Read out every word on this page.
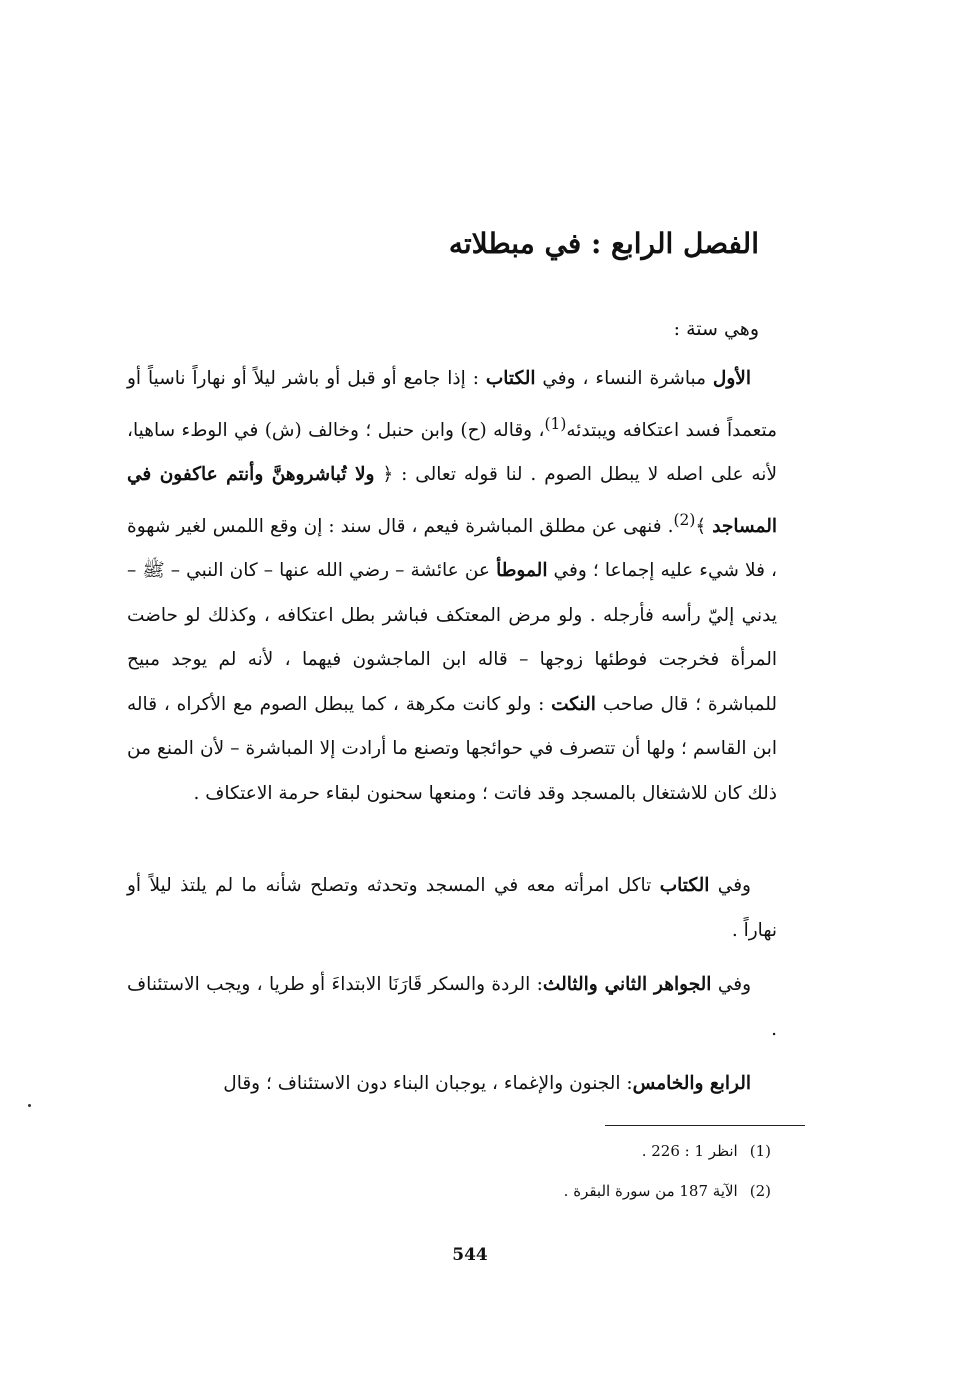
الفصل الرابع : في مبطلاته

وهي ستة :

الأول مباشرة النساء ، وفي الكتاب : إذا جامع أو قبل أو باشر ليلاً أو نهاراً ناسياً أو متعمداً فسد اعتكافه ويبتدئه$^{(1)}$، وقاله (ح) وابن حنبل ؛ وخالف (ش) في الوطء ساهيا، لأنه على اصله لا يبطل الصوم . لنا قوله تعالى : ﴿ ولا تُباشروهنَّ وأنتم عاكفون في المساجد ﴾$^{(2)}$. فنهى عن مطلق المباشرة فيعم ، قال سند : إن وقع اللمس لغير شهوة ، فلا شيء عليه إجماعا ؛ وفي الموطأ عن عائشة – رضي الله عنها – كان النبي – ﷺ – يدني إليّ رأسه فأرجله . ولو مرض المعتكف فباشر بطل اعتكافه ، وكذلك لو حاضت المرأة فخرجت فوطئها زوجها – قاله ابن الماجشون فيهما ، لأنه لم يوجد مبيح للمباشرة ؛ قال صاحب النكت : ولو كانت مكرهة ، كما يبطل الصوم مع الأكراه ، قاله ابن القاسم ؛ ولها أن تتصرف في حوائجها وتصنع ما أرادت إلا المباشرة – لأن المنع من ذلك كان للاشتغال بالمسجد وقد فاتت ؛ ومنعها سحنون لبقاء حرمة الاعتكاف .

وفي الكتاب تاكل امرأته معه في المسجد وتحدثه وتصلح شأنه ما لم يلتذ ليلاً أو نهاراً .

وفي الجواهر الثاني والثالث: الردة والسكر قَارَنَا الابتداءَ أو طريا ، ويجب الاستئناف .

الرابع والخامس: الجنون والإغماء ، يوجبان البناء دون الاستئناف ؛ وقال

(1)انظر 1 : 226 .
(2)الآية 187 من سورة البقرة .
544
